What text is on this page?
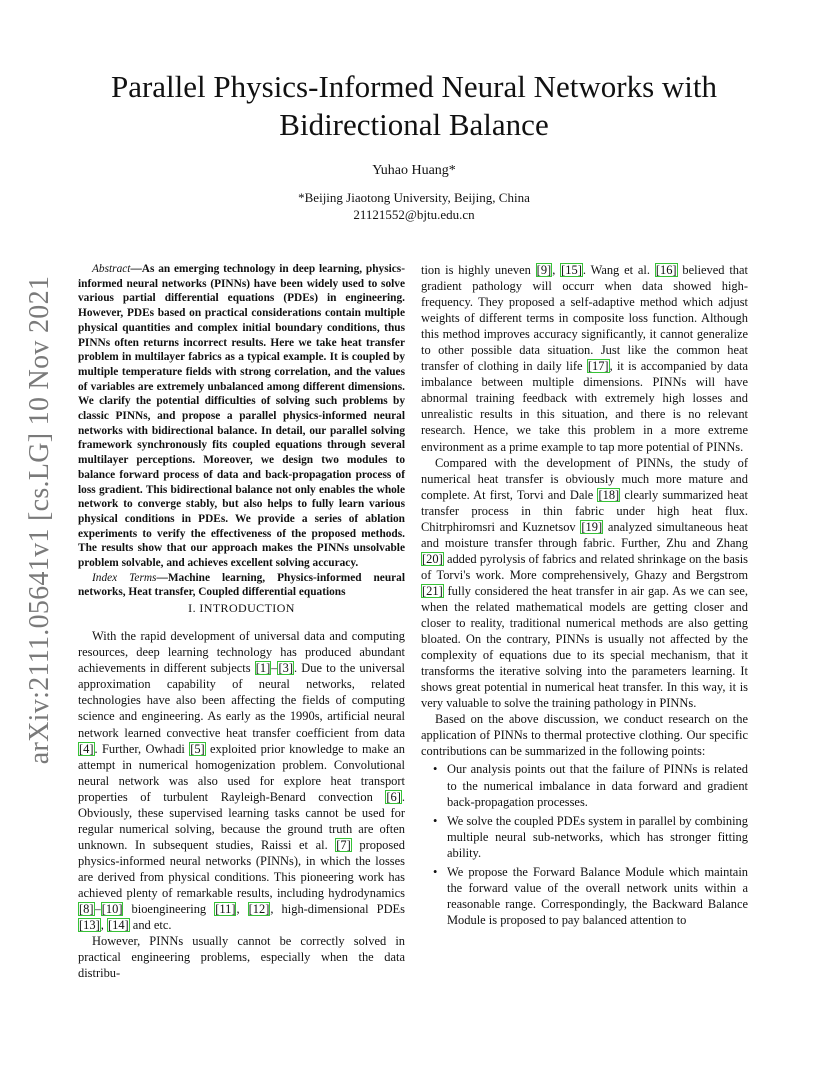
arXiv:2111.05641v1 [cs.LG] 10 Nov 2021
Parallel Physics-Informed Neural Networks with
Bidirectional Balance
Yuhao Huang*
*Beijing Jiaotong University, Beijing, China
21121552@bjtu.edu.cn

Abstract—As an emerging technology in deep learning, physics-informed neural networks (PINNs) have been widely used to solve various partial differential equations (PDEs) in engineering. However, PDEs based on practical considerations contain multiple physical quantities and complex initial boundary conditions, thus PINNs often returns incorrect results. Here we take heat transfer problem in multilayer fabrics as a typical example. It is coupled by multiple temperature fields with strong correlation, and the values of variables are extremely unbalanced among different dimensions. We clarify the potential difficulties of solving such problems by classic PINNs, and propose a parallel physics-informed neural networks with bidirectional balance. In detail, our parallel solving framework synchronously fits coupled equations through several multilayer perceptions. Moreover, we design two modules to balance forward process of data and back-propagation process of loss gradient. This bidirectional balance not only enables the whole network to converge stably, but also helps to fully learn various physical conditions in PDEs. We provide a series of ablation experiments to verify the effectiveness of the proposed methods. The results show that our approach makes the PINNs unsolvable problem solvable, and achieves excellent solving accuracy.

Index Terms—Machine learning, Physics-informed neural networks, Heat transfer, Coupled differential equations

I. INTRODUCTION

With the rapid development of universal data and computing resources, deep learning technology has produced abundant achievements in different subjects [1]–[3]. Due to the universal approximation capability of neural networks, related technologies have also been affecting the fields of computing science and engineering. As early as the 1990s, artificial neural network learned convective heat transfer coefficient from data [4]. Further, Owhadi [5] exploited prior knowledge to make an attempt in numerical homogenization problem. Convolutional neural network was also used for explore heat transport properties of turbulent Rayleigh-Benard convection [6]. Obviously, these supervised learning tasks cannot be used for regular numerical solving, because the ground truth are often unknown. In subsequent studies, Raissi et al. [7] proposed physics-informed neural networks (PINNs), in which the losses are derived from physical conditions. This pioneering work has achieved plenty of remarkable results, including hydrodynamics [8]–[10] bioengineering [11], [12], high-dimensional PDEs [13], [14] and etc.

However, PINNs usually cannot be correctly solved in practical engineering problems, especially when the data distribu-

tion is highly uneven [9], [15]. Wang et al. [16] believed that gradient pathology will occurr when data showed high-frequency. They proposed a self-adaptive method which adjust weights of different terms in composite loss function. Although this method improves accuracy significantly, it cannot generalize to other possible data situation. Just like the common heat transfer of clothing in daily life [17], it is accompanied by data imbalance between multiple dimensions. PINNs will have abnormal training feedback with extremely high losses and unrealistic results in this situation, and there is no relevant research. Hence, we take this problem in a more extreme environment as a prime example to tap more potential of PINNs.

Compared with the development of PINNs, the study of numerical heat transfer is obviously much more mature and complete. At first, Torvi and Dale [18] clearly summarized heat transfer process in thin fabric under high heat flux. Chitrphiromsri and Kuznetsov [19] analyzed simultaneous heat and moisture transfer through fabric. Further, Zhu and Zhang [20] added pyrolysis of fabrics and related shrinkage on the basis of Torvi's work. More comprehensively, Ghazy and Bergstrom [21] fully considered the heat transfer in air gap. As we can see, when the related mathematical models are getting closer and closer to reality, traditional numerical methods are also getting bloated. On the contrary, PINNs is usually not affected by the complexity of equations due to its special mechanism, that it transforms the iterative solving into the parameters learning. It shows great potential in numerical heat transfer. In this way, it is very valuable to solve the training pathology in PINNs.

Based on the above discussion, we conduct research on the application of PINNs to thermal protective clothing. Our specific contributions can be summarized in the following points:

• Our analysis points out that the failure of PINNs is related to the numerical imbalance in data forward and gradient back-propagation processes.
• We solve the coupled PDEs system in parallel by combining multiple neural sub-networks, which has stronger fitting ability.
• We propose the Forward Balance Module which maintain the forward value of the overall network units within a reasonable range. Correspondingly, the Backward Balance Module is proposed to pay balanced attention to
